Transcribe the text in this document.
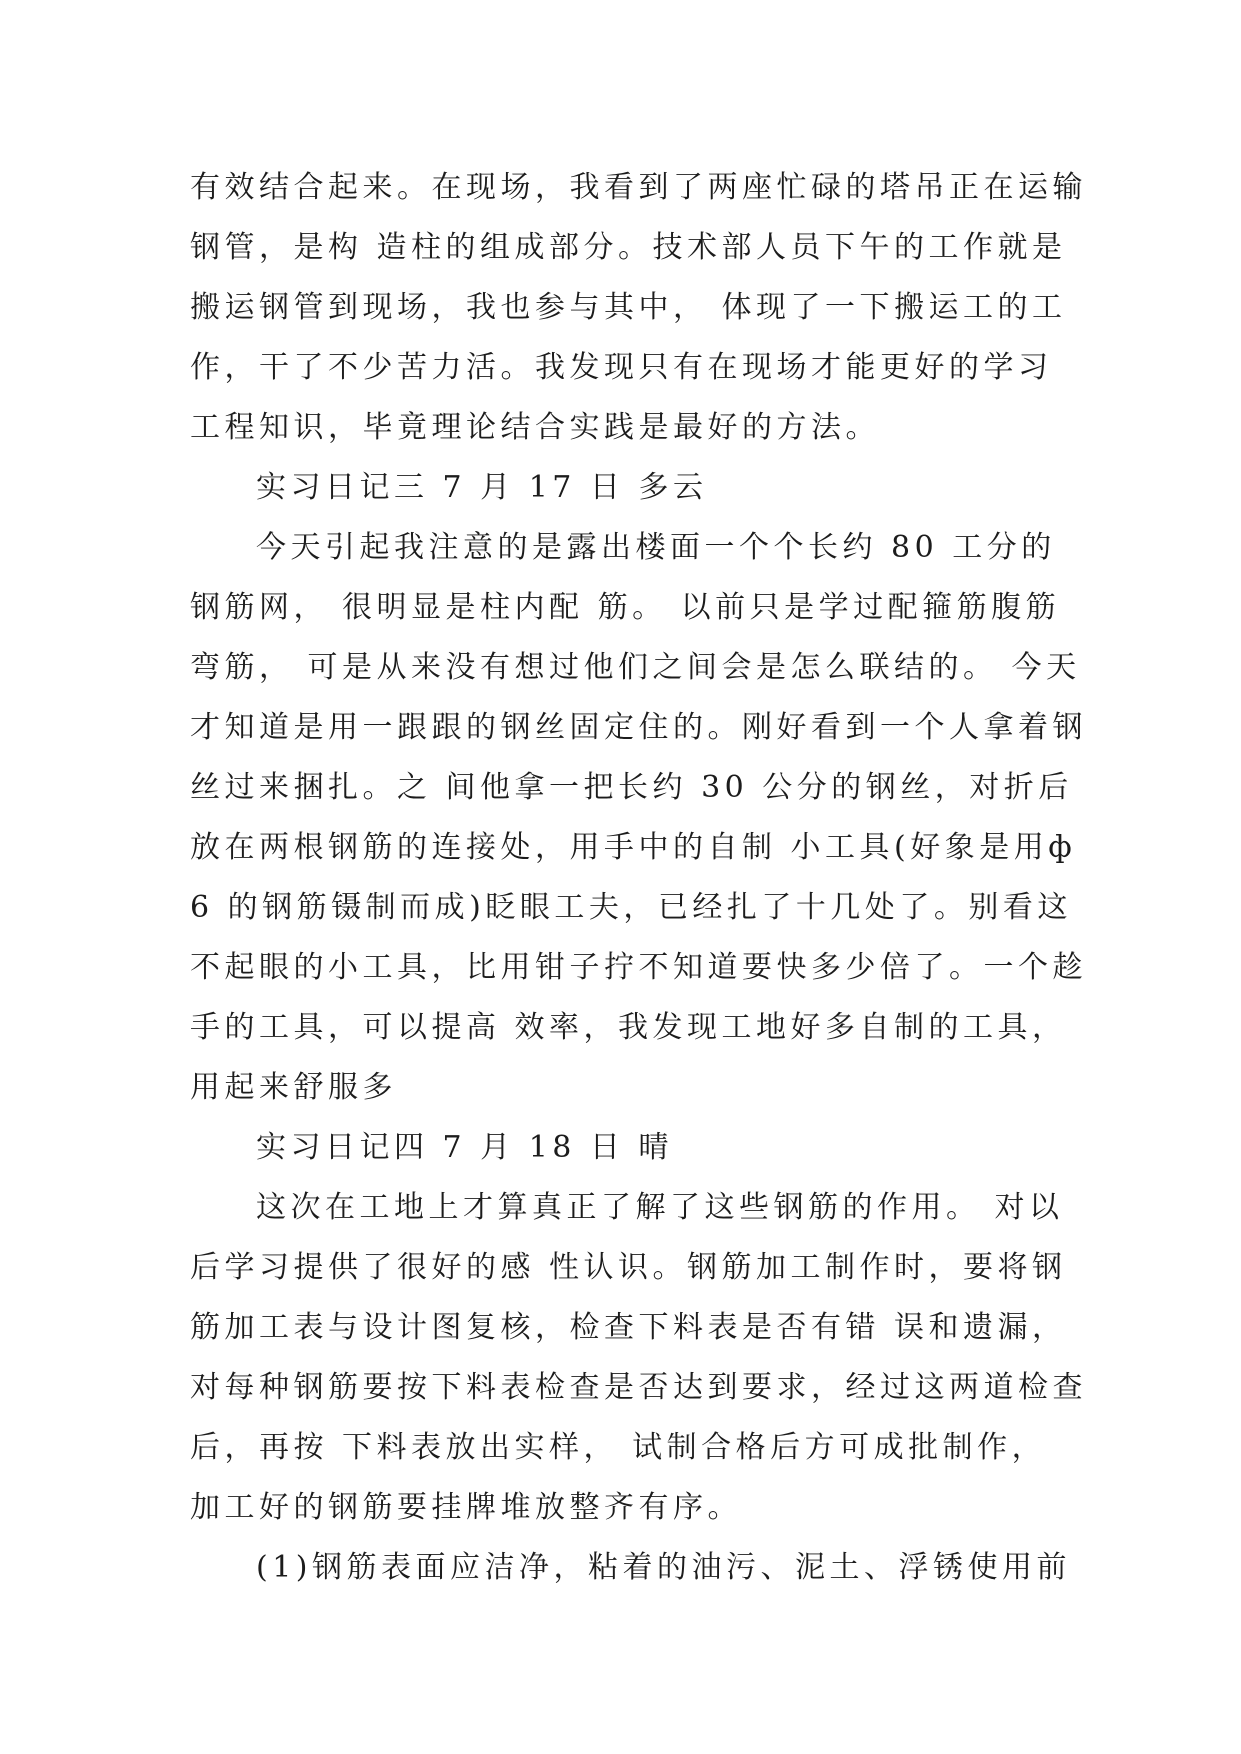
有效结合起来。在现场，我看到了两座忙碌的塔吊正在运输
钢管，是构 造柱的组成部分。技术部人员下午的工作就是
搬运钢管到现场，我也参与其中， 体现了一下搬运工的工
作，干了不少苦力活。我发现只有在现场才能更好的学习
工程知识，毕竟理论结合实践是最好的方法。
实习日记三 7 月 17 日 多云
今天引起我注意的是露出楼面一个个长约 80 工分的
钢筋网， 很明显是柱内配 筋。 以前只是学过配箍筋腹筋
弯筋， 可是从来没有想过他们之间会是怎么联结的。 今天
才知道是用一跟跟的钢丝固定住的。刚好看到一个人拿着钢
丝过来捆扎。之 间他拿一把长约 30 公分的钢丝，对折后
放在两根钢筋的连接处，用手中的自制 小工具(好象是用ф
6 的钢筋镊制而成)眨眼工夫，已经扎了十几处了。别看这
不起眼的小工具，比用钳子拧不知道要快多少倍了。一个趁
手的工具，可以提高 效率，我发现工地好多自制的工具，
用起来舒服多
实习日记四 7 月 18 日 晴
这次在工地上才算真正了解了这些钢筋的作用。 对以
后学习提供了很好的感 性认识。钢筋加工制作时，要将钢
筋加工表与设计图复核，检查下料表是否有错 误和遗漏，
对每种钢筋要按下料表检查是否达到要求，经过这两道检查
后，再按 下料表放出实样， 试制合格后方可成批制作，
加工好的钢筋要挂牌堆放整齐有序。
(1)钢筋表面应洁净，粘着的油污、泥土、浮锈使用前
